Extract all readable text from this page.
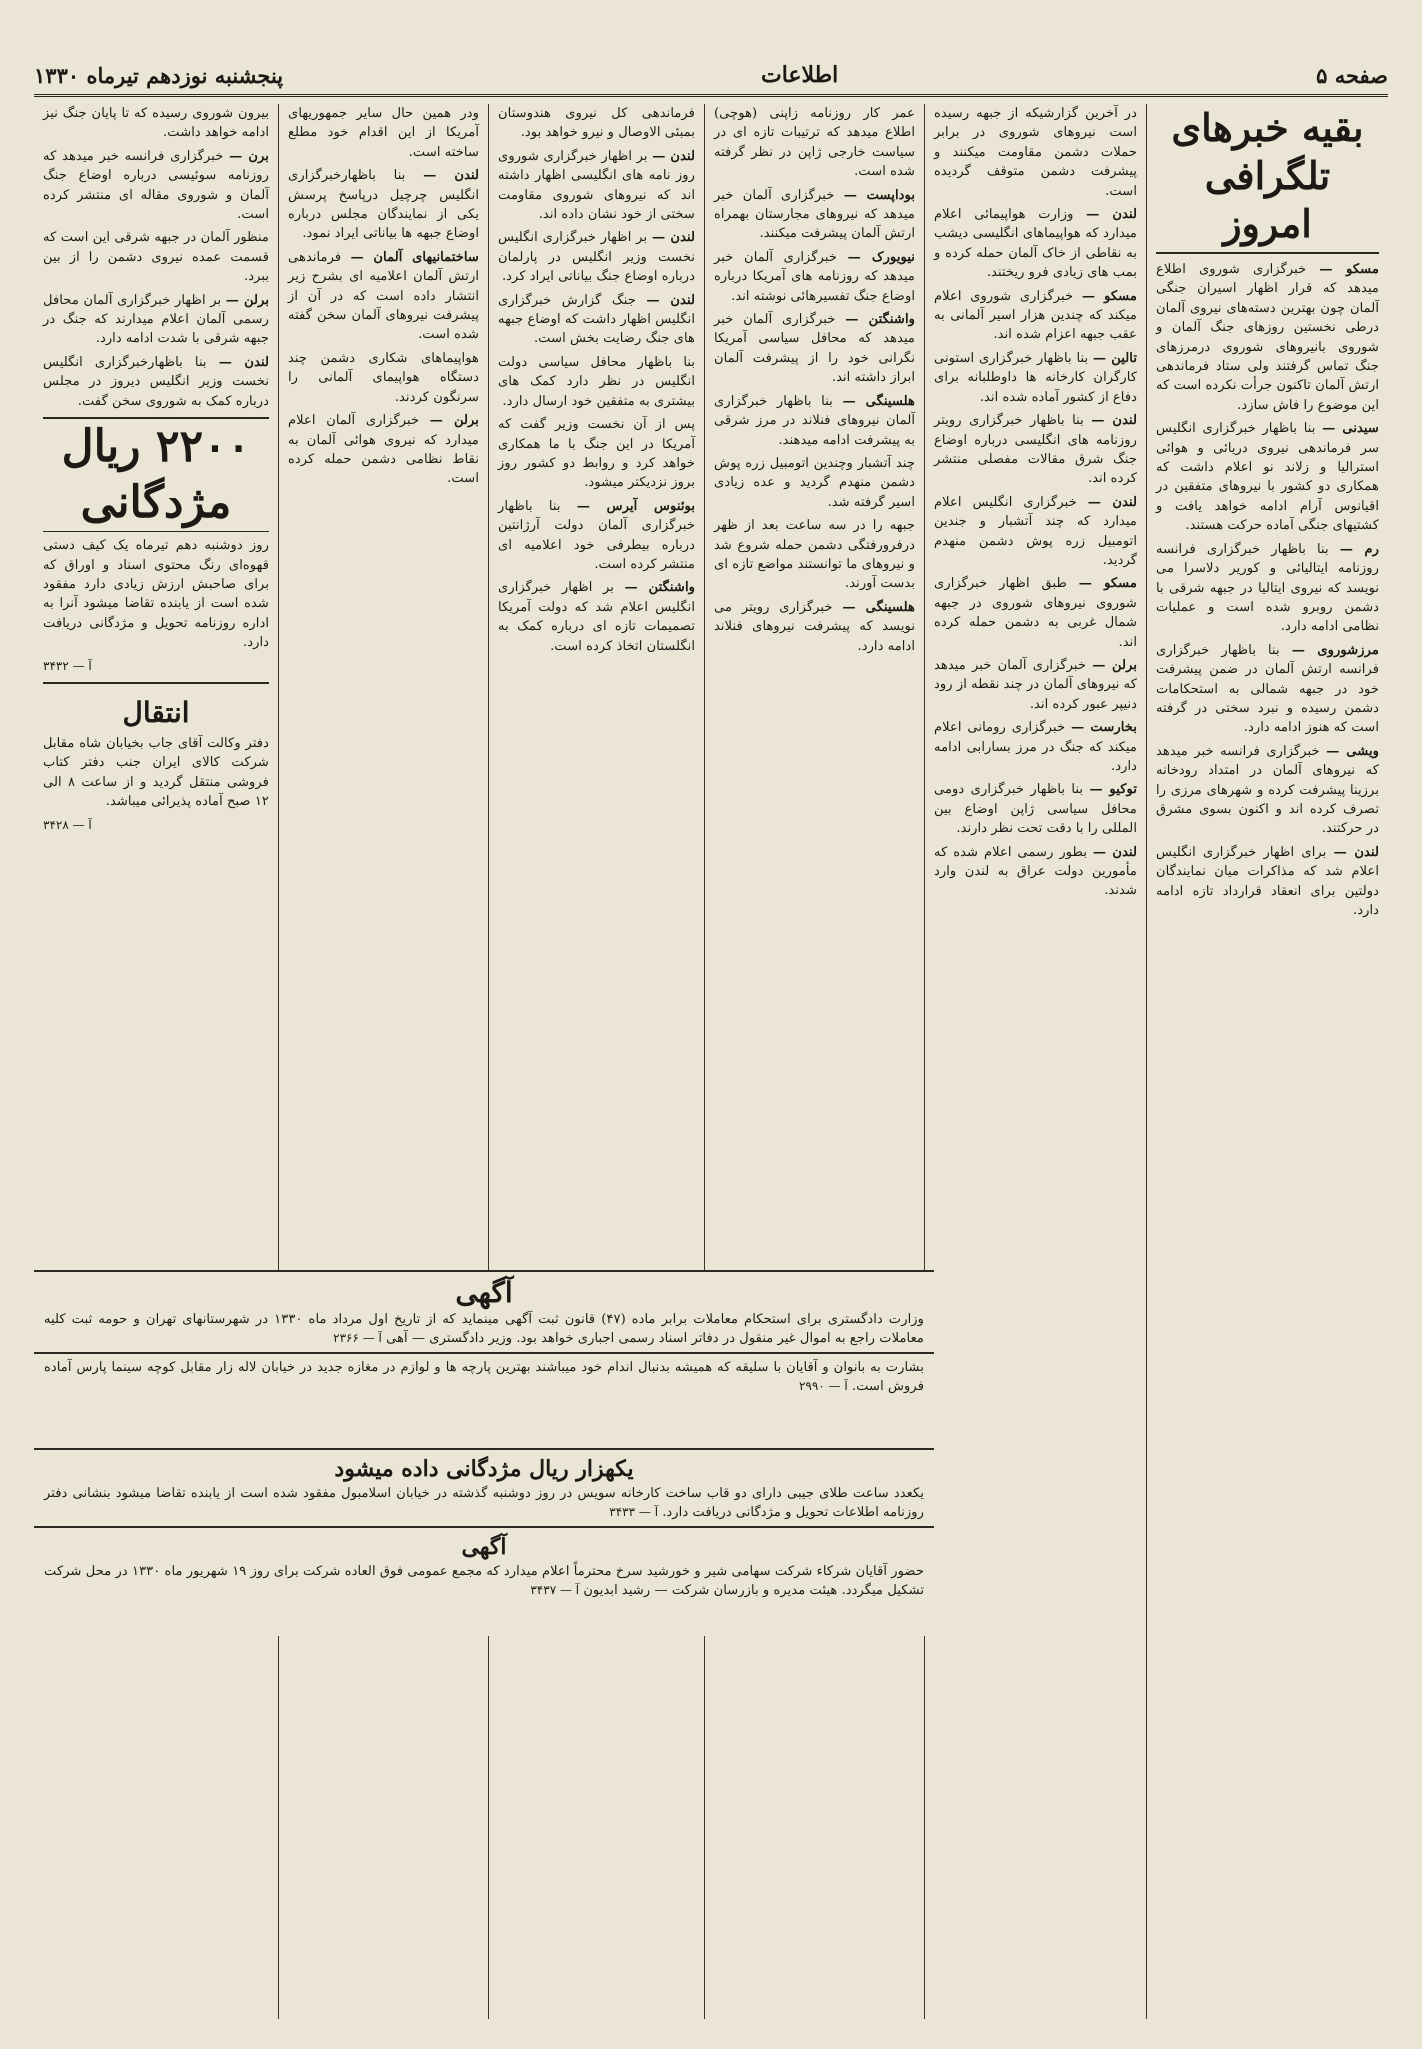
صفحه ۵
اطلاعات
پنجشنبه نوزدهم تیرماه ۱۳۳۰
بقیه خبرهای تلگرافی امروز

مسکو — خبرگزاری شوروی اطلاع میدهد که قرار اظهار اسیران جنگی آلمان چون بهترین دسته‌های نیروی آلمان درطی نخستین روزهای جنگ آلمان و شوروی بانیروهای شوروی درمرزهای جنگ تماس گرفتند ولی ستاد فرماندهی ارتش آلمان تاکنون جرأت نکرده است که این موضوع را فاش سازد.

سیدنی — بنا باظهار خبرگزاری انگلیس سر فرماندهی نیروی دریائی و هوائی استرالیا و زلاند نو اعلام داشت که همکاری دو کشور با نیروهای متفقین در اقیانوس آرام ادامه خواهد یافت و کشتیهای جنگی آماده حرکت هستند.

رم — بنا باظهار خبرگزاری فرانسه روزنامه ایتالیائی و کوریر دلاسرا می نویسد که نیروی ایتالیا در جبهه شرقی با دشمن روبرو شده است و عملیات نظامی ادامه دارد.

مرزشوروی — بنا باظهار خبرگزاری فرانسه ارتش آلمان در ضمن پیشرفت خود در جبهه شمالی به استحکامات دشمن رسیده و نبرد سختی در گرفته است که هنوز ادامه دارد.

ویشی — خبرگزاری فرانسه خبر میدهد که نیروهای آلمان در امتداد رودخانه برزینا پیشرفت کرده و شهرهای مرزی را تصرف کرده اند و اکنون بسوی مشرق در حرکتند.

لندن — برای اظهار خبرگزاری انگلیس اعلام شد که مذاکرات میان نمایندگان دولتین برای انعقاد قرارداد تازه ادامه دارد.

در آخرین گزارشیکه از جبهه رسیده است نیروهای شوروی در برابر حملات دشمن مقاومت میکنند و پیشرفت دشمن متوقف گردیده است.

لندن — وزارت هواپیمائی اعلام میدارد که هواپیماهای انگلیسی دیشب به نقاطی از خاک آلمان حمله کرده و بمب های زیادی فرو ریختند.

مسکو — خبرگزاری شوروی اعلام میکند که چندین هزار اسیر آلمانی به عقب جبهه اعزام شده اند.

تالین — بنا باظهار خبرگزاری استونی کارگران کارخانه ها داوطلبانه برای دفاع از کشور آماده شده اند.

لندن — بنا باظهار خبرگزاری رویتر روزنامه های انگلیسی درباره اوضاع جنگ شرق مقالات مفصلی منتشر کرده اند.

لندن — خبرگزاری انگلیس اعلام میدارد که چند آتشبار و جندین اتومبیل زره پوش دشمن منهدم گردید.

مسکو — طبق اظهار خبرگزاری شوروی نیروهای شوروی در جبهه شمال غربی به دشمن حمله کرده اند.

برلن — خبرگزاری آلمان خبر میدهد که نیروهای آلمان در چند نقطه از رود دنیپر عبور کرده اند.

بخارست — خبرگزاری رومانی اعلام میکند که جنگ در مرز بسارابی ادامه دارد.

توکیو — بنا باظهار خبرگزاری دومی محافل سیاسی ژاپن اوضاع بین المللی را با دقت تحت نظر دارند.

لندن — بطور رسمی اعلام شده که مأمورین دولت عراق به لندن وارد شدند.

عمر کار روزنامه زاپنی (هوچی) اطلاع میدهد که ترتیبات تازه ای در سیاست خارجی ژاپن در نظر گرفته شده است.

بوداپست — خبرگزاری آلمان خبر میدهد که نیروهای مجارستان بهمراه ارتش آلمان پیشرفت میکنند.

نیویورک — خبرگزاری آلمان خبر میدهد که روزنامه های آمریکا درباره اوضاع جنگ تفسیرهائی نوشته اند.

واشنگتن — خبرگزاری آلمان خبر میدهد که محافل سیاسی آمریکا نگرانی خود را از پیشرفت آلمان ابراز داشته اند.

هلسینگی — بنا باظهار خبرگزاری آلمان نیروهای فنلاند در مرز شرقی به پیشرفت ادامه میدهند.

چند آتشبار وچندین اتومبیل زره پوش دشمن منهدم گردید و عده زیادی اسیر گرفته شد.

جبهه را در سه ساعت بعد از ظهر درفرورفتگی دشمن حمله شروع شد و نیروهای ما توانستند مواضع تازه ای بدست آورند.

هلسینگی — خبرگزاری رویتر می نویسد که پیشرفت نیروهای فنلاند ادامه دارد.

فرماندهی کل نیروی هندوستان بمبئی الاوصال و نیرو خواهد بود.

لندن — بر اظهار خبرگزاری شوروی روز نامه های انگلیسی اظهار داشته اند که نیروهای شوروی مقاومت سختی از خود نشان داده اند.

لندن — بر اظهار خبرگزاری انگلیس نخست وزیر انگلیس در پارلمان درباره اوضاع جنگ بیاناتی ایراد کرد.

لندن — جنگ گزارش خبرگزاری انگلیس اظهار داشت که اوضاع جبهه های جنگ رضایت بخش است.

بنا باظهار محافل سیاسی دولت انگلیس در نظر دارد کمک های بیشتری به متفقین خود ارسال دارد.

پس از آن نخست وزیر گفت که آمریکا در این جنگ با ما همکاری خواهد کرد و روابط دو کشور روز بروز نزدیکتر میشود.

بوئنوس آیرس — بنا باظهار خبرگزاری آلمان دولت آرژانتین درباره بیطرفی خود اعلامیه ای منتشر کرده است.

واشنگتن — بر اظهار خبرگزاری انگلیس اعلام شد که دولت آمریکا تصمیمات تازه ای درباره کمک به انگلستان اتخاذ کرده است.

ودر همین حال سایر جمهوریهای آمریکا از این اقدام خود مطلع ساخته است.

لندن — بنا باظهارخبرگزاری انگلیس چرچیل درپاسخ پرسش یکی از نمایندگان مجلس درباره اوضاع جبهه ها بیاناتی ایراد نمود.

ساختمانیهای آلمان — فرماندهی ارتش آلمان اعلامیه ای بشرح زیر انتشار داده است که در آن از پیشرفت نیروهای آلمان سخن گفته شده است.

هواپیماهای شکاری دشمن چند دستگاه هواپیمای آلمانی را سرنگون کردند.

برلن — خبرگزاری آلمان اعلام میدارد که نیروی هوائی آلمان به نقاط نظامی دشمن حمله کرده است.

بیرون شوروی رسیده که تا پایان جنگ نیز ادامه خواهد داشت.

برن — خبرگزاری فرانسه خبر میدهد که روزنامه سوئیسی درباره اوضاع جنگ آلمان و شوروی مقاله ای منتشر کرده است.

منظور آلمان در جبهه شرقی این است که قسمت عمده نیروی دشمن را از بین ببرد.

برلن — بر اظهار خبرگزاری آلمان محافل رسمی آلمان اعلام میدارند که جنگ در جبهه شرقی با شدت ادامه دارد.

لندن — بنا باظهارخبرگزاری انگلیس نخست وزیر انگلیس دیروز در مجلس درباره کمک به شوروی سخن گفت.

۲۲۰۰ ریال مژدگانی

روز دوشنبه دهم تیرماه یک کیف دستی قهوه‌ای رنگ محتوی اسناد و اوراق که برای صاحبش ارزش زیادی دارد مفقود شده است از یابنده تقاضا میشود آنرا به اداره روزنامه تحویل و مژدگانی دریافت دارد.

آ — ۳۴۳۲
انتقال

دفتر وکالت آقای جاب بخیابان شاه مقابل شرکت کالای ایران جنب دفتر کتاب فروشی منتقل گردید و از ساعت ۸ الی ۱۲ صبح آماده پذیرائی میباشد.

آ — ۳۴۲۸
آگهی
وزارت دادگستری برای استحکام معاملات برابر ماده (۴۷) قانون ثبت آگهی مینماید که از تاریخ اول مرداد ماه ۱۳۳۰ در شهرستانهای تهران و حومه ثبت کلیه معاملات راجع به اموال غیر منقول در دفاتر اسناد رسمی اجباری خواهد بود. وزیر دادگستری — آهی آ — ۲۳۶۶
بشارت به بانوان و آقایان با سلیقه که همیشه بدنبال اندام خود میباشند بهترین پارچه ها و لوازم در مغازه جدید در خیابان لاله زار مقابل کوچه سینما پارس آماده فروش است. آ — ۲۹۹۰
یکهزار ریال مژدگانی داده میشود
یکعدد ساعت طلای جیبی دارای دو قاب ساخت کارخانه سویس در روز دوشنبه گذشته در خیابان اسلامبول مفقود شده است از یابنده تقاضا میشود بنشانی دفتر روزنامه اطلاعات تحویل و مژدگانی دریافت دارد. آ — ۳۴۳۳
آگهی
حضور آقایان شرکاء شرکت سهامی شیر و خورشید سرخ محترماً اعلام میدارد که مجمع عمومی فوق العاده شرکت برای روز ۱۹ شهریور ماه ۱۳۳۰ در محل شرکت تشکیل میگردد. هیئت مدیره و بازرسان شرکت — رشید ابدیون آ — ۳۴۳۷
